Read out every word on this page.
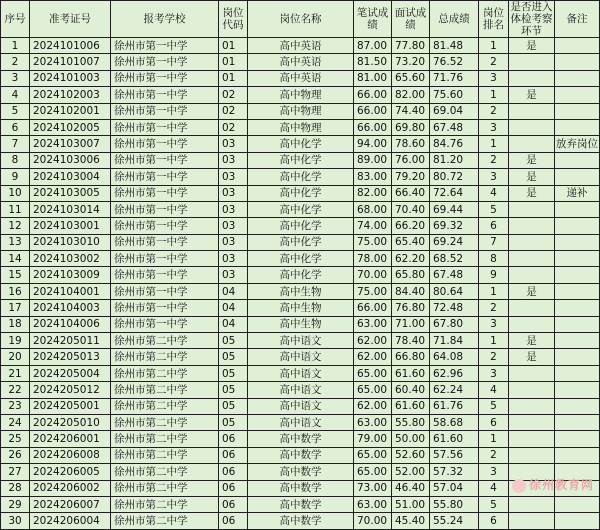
序号	准考证号	报考学校	岗位代码	岗位名称	笔试成绩	面试成绩	总成绩	岗位排名	是否进入体检考察环节	备注
1	2024101006	徐州市第一中学	01	高中英语	87.00	77.80	81.48	1	是	
2	2024101007	徐州市第一中学	01	高中英语	81.50	73.20	76.52	2		
3	2024101003	徐州市第一中学	01	高中英语	81.00	65.60	71.76	3		
4	2024102003	徐州市第一中学	02	高中物理	66.00	82.00	75.60	1	是	
5	2024102001	徐州市第一中学	02	高中物理	66.00	74.40	69.04	2		
6	2024102005	徐州市第一中学	02	高中物理	66.00	69.80	67.48	3		
7	2024103007	徐州市第一中学	03	高中化学	94.00	78.60	84.76	1		放弃岗位
8	2024103006	徐州市第一中学	03	高中化学	89.00	76.00	81.20	2	是	
9	2024103004	徐州市第一中学	03	高中化学	83.00	79.20	80.72	3	是	
10	2024103005	徐州市第一中学	03	高中化学	82.00	66.40	72.64	4	是	递补
11	2024103014	徐州市第一中学	03	高中化学	68.00	70.40	69.44	5		
12	2024103001	徐州市第一中学	03	高中化学	74.00	66.20	69.32	6		
13	2024103010	徐州市第一中学	03	高中化学	75.00	65.40	69.24	7		
14	2024103002	徐州市第一中学	03	高中化学	78.00	62.20	68.52	8		
15	2024103009	徐州市第一中学	03	高中化学	70.00	65.80	67.48	9		
16	2024104001	徐州市第一中学	04	高中生物	75.00	84.40	80.64	1	是	
17	2024104003	徐州市第一中学	04	高中生物	66.00	76.80	72.48	2		
18	2024104006	徐州市第一中学	04	高中生物	63.00	71.00	67.80	3		
19	2024205011	徐州市第二中学	05	高中语文	62.00	78.40	71.84	1	是	
20	2024205013	徐州市第二中学	05	高中语文	62.00	66.80	64.08	2	是	
21	2024205004	徐州市第二中学	05	高中语文	65.00	61.60	62.96	3		
22	2024205012	徐州市第二中学	05	高中语文	65.00	60.40	62.24	4		
23	2024205001	徐州市第二中学	05	高中语文	62.00	61.60	61.76	5		
24	2024205010	徐州市第二中学	05	高中语文	63.00	55.80	58.68	6		
25	2024206001	徐州市第二中学	06	高中数学	79.00	50.00	61.60	1		
26	2024206008	徐州市第二中学	06	高中数学	65.00	52.60	57.56	2		
27	2024206005	徐州市第二中学	06	高中数学	65.00	52.00	57.32	3		
28	2024206002	徐州市第二中学	06	高中数学	73.00	46.40	57.04	4		
29	2024206007	徐州市第二中学	06	高中数学	63.00	51.00	55.80	5		
30	2024206004	徐州市第二中学	06	高中数学	70.00	45.40	55.24	6			徐州教育网
